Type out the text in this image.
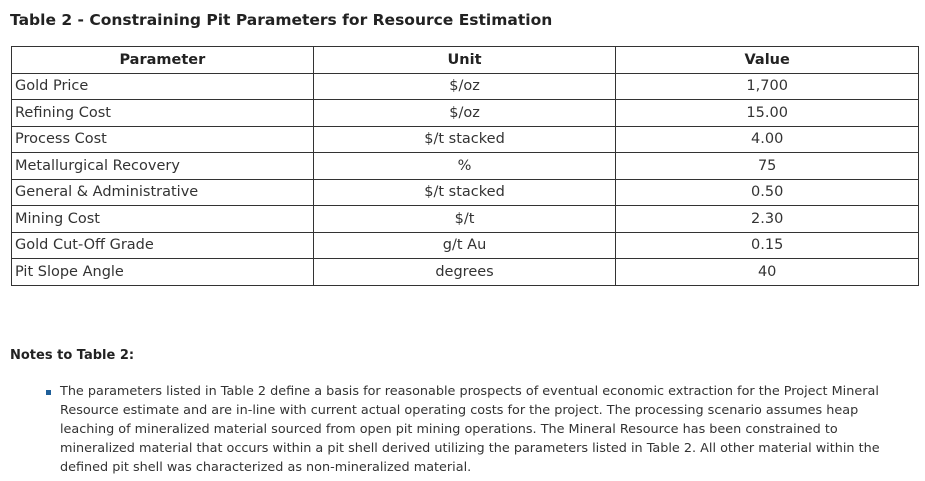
Table 2 - Constraining Pit Parameters for Resource Estimation
Parameter	Unit	Value
Gold Price	$/oz	1,700
Refining Cost	$/oz	15.00
Process Cost	$/t stacked	4.00
Metallurgical Recovery	%	75
General & Administrative	$/t stacked	0.50
Mining Cost	$/t	2.30
Gold Cut-Off Grade	g/t Au	0.15
Pit Slope Angle	degrees	40
Notes to Table 2:
The parameters listed in Table 2 define a basis for reasonable prospects of eventual economic extraction for the Project Mineral Resource estimate and are in-line with current actual operating costs for the project. The processing scenario assumes heap leaching of mineralized material sourced from open pit mining operations. The Mineral Resource has been constrained to mineralized material that occurs within a pit shell derived utilizing the parameters listed in Table 2. All other material within the defined pit shell was characterized as non-mineralized material.
